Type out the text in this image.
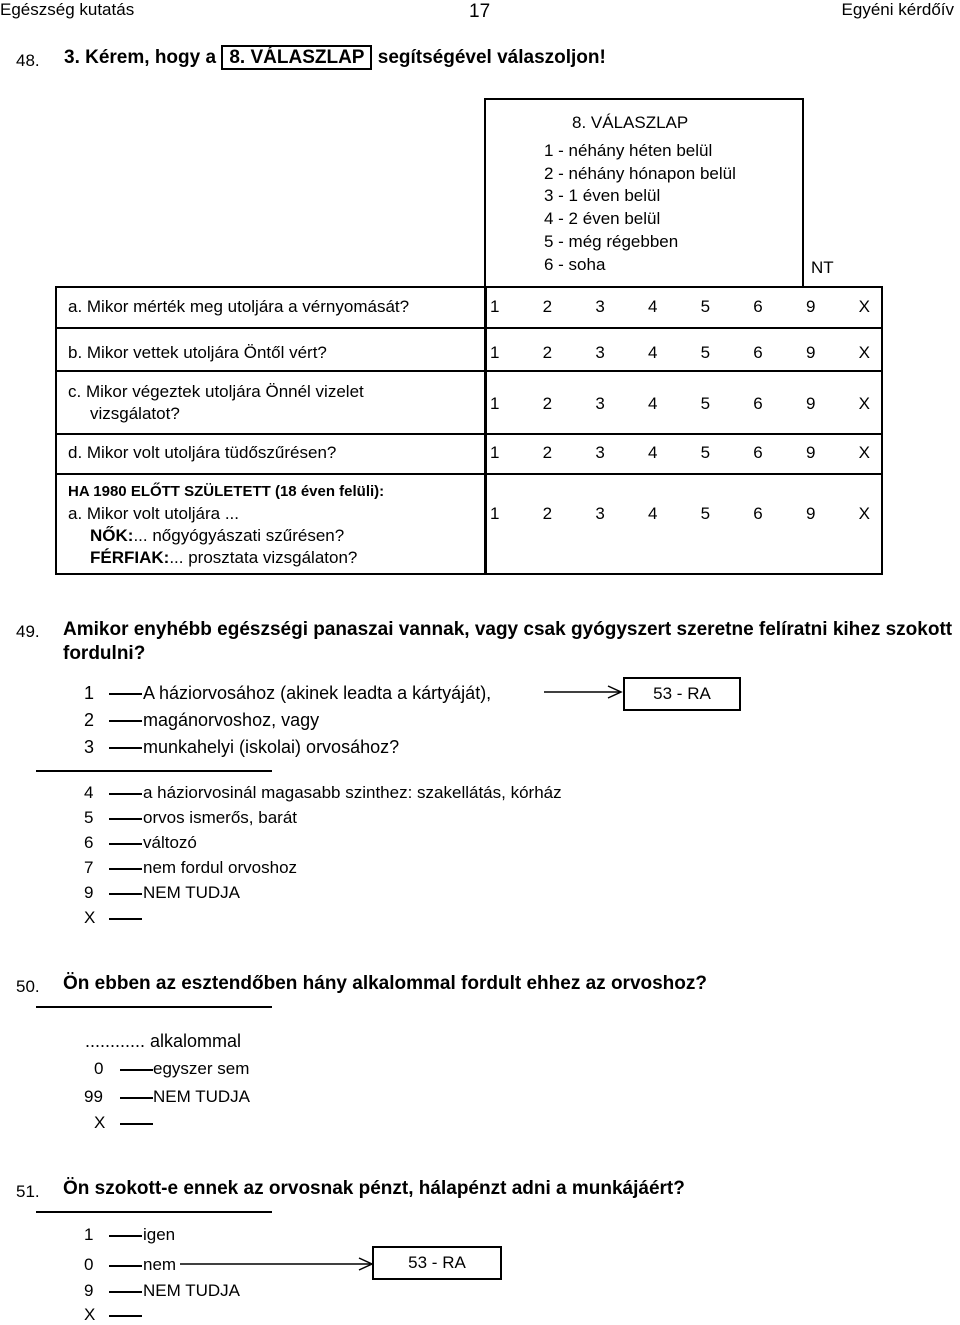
Egészség kutatás	17	Egyéni kérdőív
48. 3. Kérem, hogy a 8. VÁLASZLAP segítségével válaszoljon!
8. VÁLASZLAP
1 - néhány héten belül
2 - néhány hónapon belül
3 - 1 éven belül
4 - 2 éven belül
5 - még régebben
6 - soha	NT
a. Mikor mérték meg utoljára a vérnyomását?	1	2	3	4	5	6	9	X
b. Mikor vettek utoljára Öntől vért?	1	2	3	4	5	6	9	X
c. Mikor végeztek utoljára Önnél vizelet
vizsgálatot?
1	2	3	4	5	6	9	X
d. Mikor volt utoljára tüdőszűrésen?	1	2	3	4	5	6	9	X
HA 1980 ELŐTT SZÜLETETT (18 éven felüli):
a. Mikor volt utoljára ...
NŐK:... nőgyógyászati szűrésen?
FÉRFIAK:... prosztata vizsgálaton?
1	2	3	4	5	6	9	X
49. Amikor enyhébb egészségi panaszai vannak, vagy csak gyógyszert szeretne felíratni kihez szokott fordulni?
1	A háziorvosához (akinek leadta a kártyáját),	53 - RA
2	magánorvoshoz, vagy
3	munkahelyi (iskolai) orvosához?
4	a háziorvosinál magasabb szinthez: szakellátás, kórház
5	orvos ismerős, barát
6	változó
7	nem fordul orvoshoz
9	NEM TUDJA
X
50. Ön ebben az esztendőben hány alkalommal fordult ehhez az orvoshoz?
............ alkalommal
0	egyszer sem
99	NEM TUDJA
X
51. Ön szokott-e ennek az orvosnak pénzt, hálapénzt adni a munkájáért?
1	igen
0	nem	53 - RA
9	NEM TUDJA
X
